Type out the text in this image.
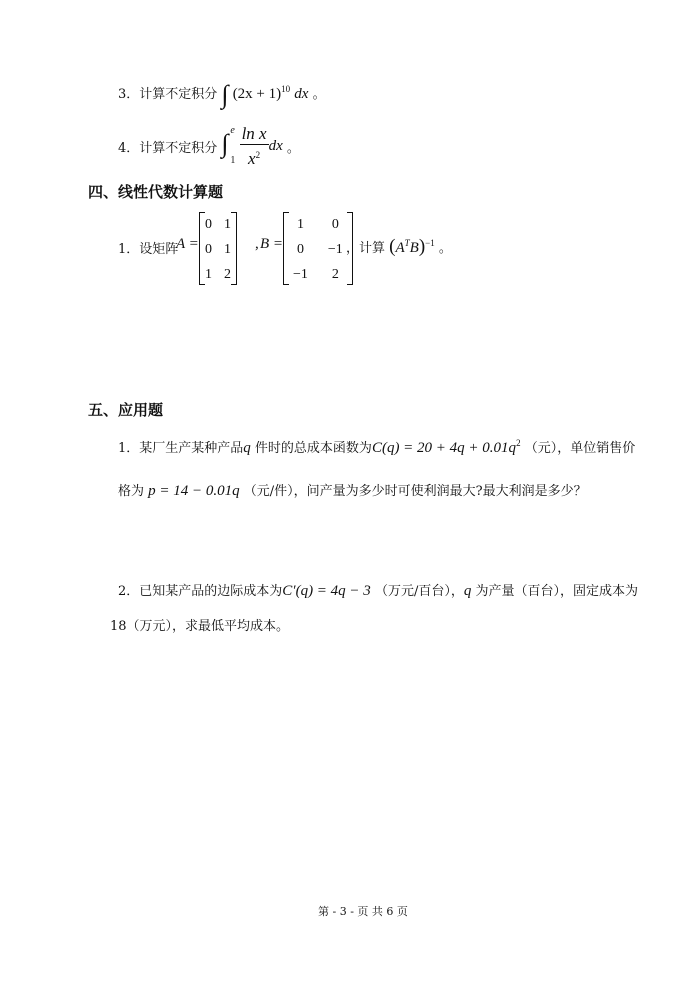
3．计算不定积分 ∫ $(2x + 1)^{10}$ dx 。
4．计算不定积分 ∫ e
1
$\frac{\text{ln x}}{x^2}$ dx 。
四、线性代数计算题
1．设矩阵
A =
0	1
0	1
1	2
, B =
1	0
0	−1
−1	2
，计算 $(A^TB)^{-1}$ 。
五、应用题
1．某厂生产某种产品q 件时的总成本函数为$C(q) = 20 + 4q + 0.01q^2$ （元），单位销售价
格为 p = 14 − 0.01q （元/件），问产量为多少时可使利润最大?最大利润是多少？
2．已知某产品的边际成本为C′(q) = 4q − 3 （万元/百台），q 为产量（百台），固定成本为
18（万元），求最低平均成本。
第 - 3 - 页 共 6 页
